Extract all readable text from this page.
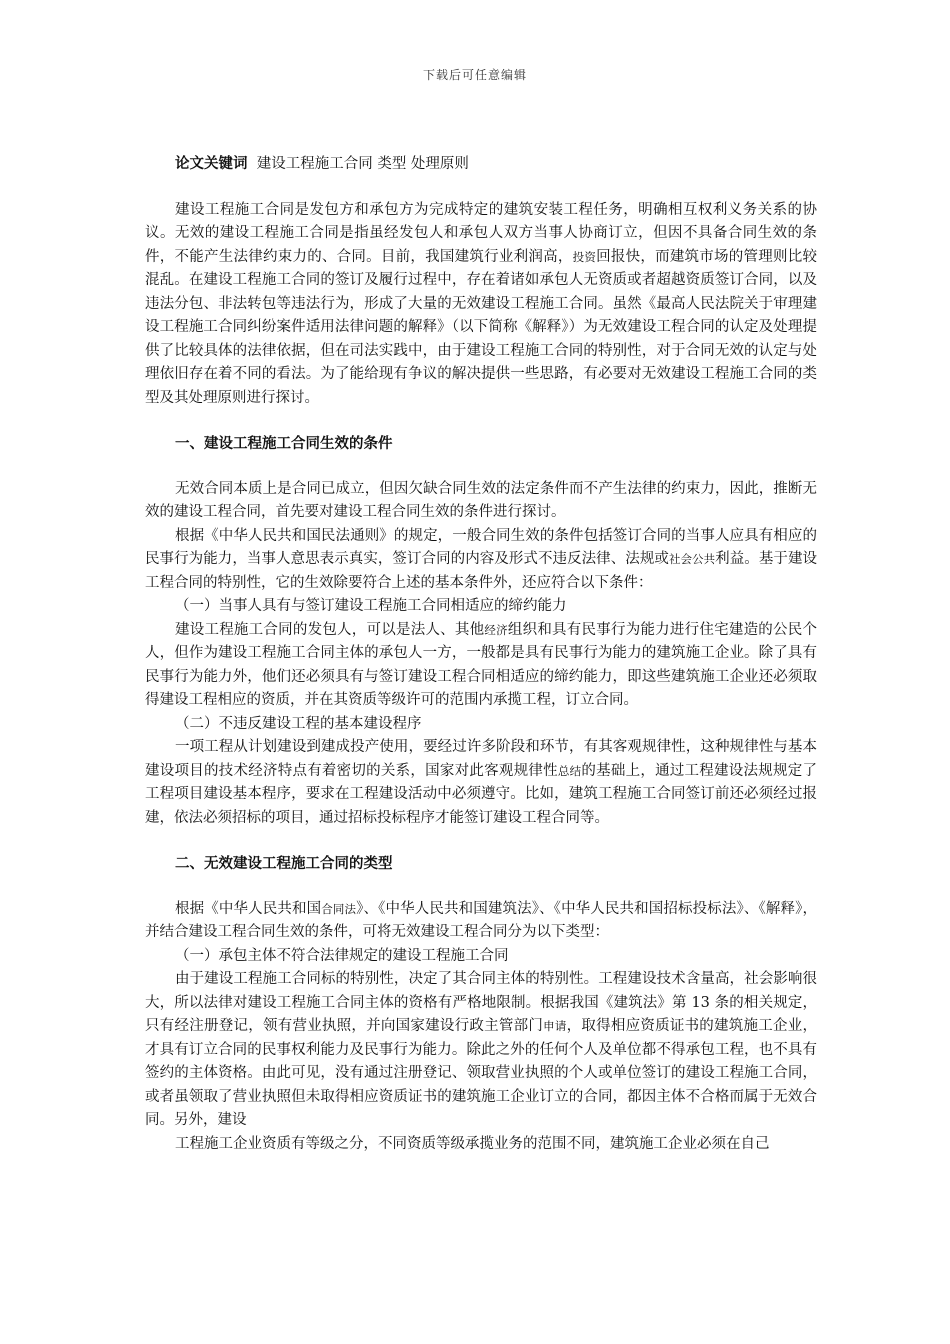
下载后可任意编辑

论文关键词 建设工程施工合同 类型 处理原则

建设工程施工合同是发包方和承包方为完成特定的建筑安装工程任务，明确相互权利义务关系的协议。无效的建设工程施工合同是指虽经发包人和承包人双方当事人协商订立，但因不具备合同生效的条件，不能产生法律约束力的、合同。目前，我国建筑行业利润高，投资回报快，而建筑市场的管理则比较混乱。在建设工程施工合同的签订及履行过程中，存在着诸如承包人无资质或者超越资质签订合同，以及违法分包、非法转包等违法行为，形成了大量的无效建设工程施工合同。虽然《最高人民法院关于审理建设工程施工合同纠纷案件适用法律问题的解释》（以下简称《解释》）为无效建设工程合同的认定及处理提供了比较具体的法律依据，但在司法实践中，由于建设工程施工合同的特别性，对于合同无效的认定与处理依旧存在着不同的看法。为了能给现有争议的解决提供一些思路，有必要对无效建设工程施工合同的类型及其处理原则进行探讨。

一、建设工程施工合同生效的条件

无效合同本质上是合同已成立，但因欠缺合同生效的法定条件而不产生法律的约束力，因此，推断无效的建设工程合同，首先要对建设工程合同生效的条件进行探讨。

根据《中华人民共和国民法通则》的规定，一般合同生效的条件包括签订合同的当事人应具有相应的民事行为能力，当事人意思表示真实，签订合同的内容及形式不违反法律、法规或社会公共利益。基于建设工程合同的特别性，它的生效除要符合上述的基本条件外，还应符合以下条件：

（一）当事人具有与签订建设工程施工合同相适应的缔约能力

建设工程施工合同的发包人，可以是法人、其他经济组织和具有民事行为能力进行住宅建造的公民个人，但作为建设工程施工合同主体的承包人一方，一般都是具有民事行为能力的建筑施工企业。除了具有民事行为能力外，他们还必须具有与签订建设工程合同相适应的缔约能力，即这些建筑施工企业还必须取得建设工程相应的资质，并在其资质等级许可的范围内承揽工程，订立合同。

（二）不违反建设工程的基本建设程序

一项工程从计划建设到建成投产使用，要经过许多阶段和环节，有其客观规律性，这种规律性与基本建设项目的技术经济特点有着密切的关系，国家对此客观规律性总结的基础上，通过工程建设法规规定了工程项目建设基本程序，要求在工程建设活动中必须遵守。比如，建筑工程施工合同签订前还必须经过报建，依法必须招标的项目，通过招标投标程序才能签订建设工程合同等。

二、无效建设工程施工合同的类型

根据《中华人民共和国合同法》、《中华人民共和国建筑法》、《中华人民共和国招标投标法》、《解释》，并结合建设工程合同生效的条件，可将无效建设工程合同分为以下类型：

（一）承包主体不符合法律规定的建设工程施工合同

由于建设工程施工合同标的特别性，决定了其合同主体的特别性。工程建设技术含量高，社会影响很大，所以法律对建设工程施工合同主体的资格有严格地限制。根据我国《建筑法》第 13 条的相关规定，只有经注册登记，领有营业执照，并向国家建设行政主管部门申请，取得相应资质证书的建筑施工企业，才具有订立合同的民事权利能力及民事行为能力。除此之外的任何个人及单位都不得承包工程，也不具有签约的主体资格。由此可见，没有通过注册登记、领取营业执照的个人或单位签订的建设工程施工合同，或者虽领取了营业执照但未取得相应资质证书的建筑施工企业订立的合同，都因主体不合格而属于无效合同。另外，建设

工程施工企业资质有等级之分，不同资质等级承揽业务的范围不同，建筑施工企业必须在自己
